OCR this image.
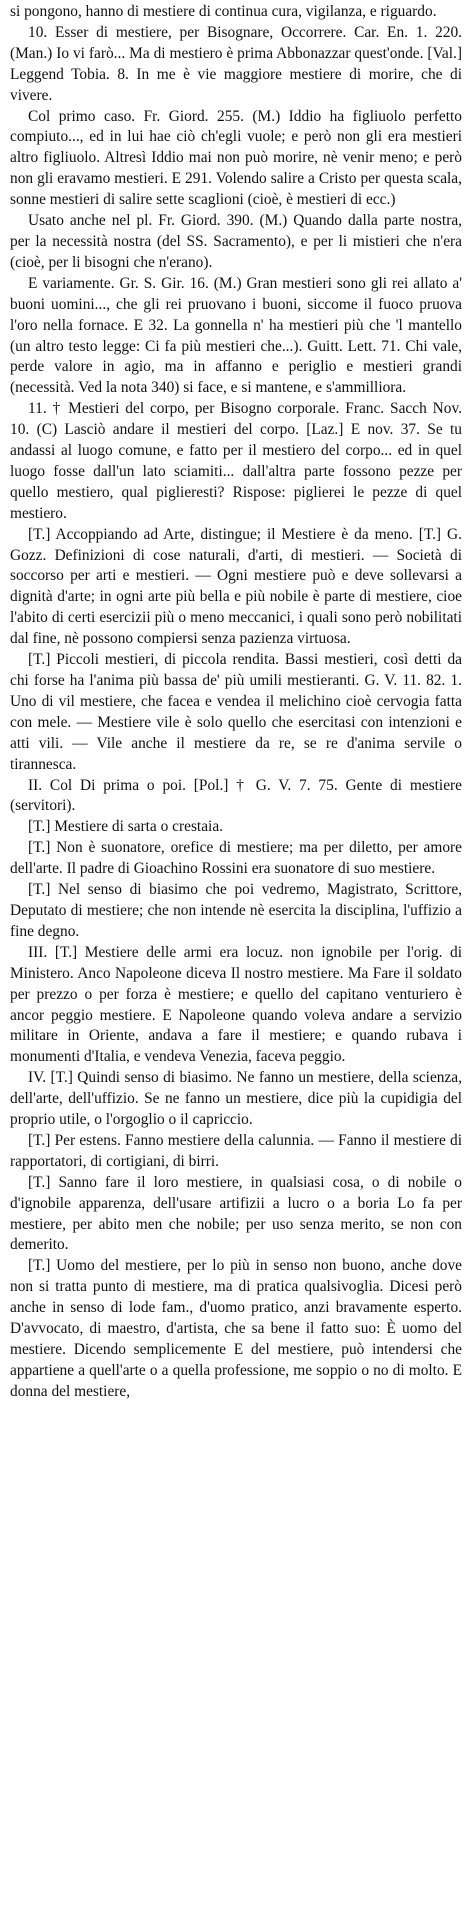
si pongono, hanno di mestiere di continua cura, vigilanza, e riguardo.

10. Esser di mestiere, per Bisognare, Occorrere. Car. En. 1. 220. (Man.) Io vi farò... Ma di mestiero è prima Abbonazzar quest'onde. [Val.] Leggend Tobia. 8. In me è vie maggiore mestiere di morire, che di vivere.

Col primo caso. Fr. Giord. 255. (M.) Iddio ha figliuolo perfetto compiuto..., ed in lui hae ciò ch'egli vuole; e però non gli era mestieri altro figliuolo. Altresì Iddio mai non può morire, nè venir meno; e però non gli eravamo mestieri. E 291. Volendo salire a Cristo per questa scala, sonne mestieri di salire sette scaglioni (cioè, è mestieri di ecc.)

Usato anche nel pl. Fr. Giord. 390. (M.) Quando dalla parte nostra, per la necessità nostra (del SS. Sacramento), e per li mistieri che n'era (cioè, per li bisogni che n'erano).

E variamente. Gr. S. Gir. 16. (M.) Gran mestieri sono gli rei allato a' buoni uomini..., che gli rei pruovano i buoni, siccome il fuoco pruova l'oro nella fornace. E 32. La gonnella n' ha mestieri più che 'l mantello (un altro testo legge: Ci fa più mestieri che...). Guitt. Lett. 71. Chi vale, perde valore in agio, ma in affanno e periglio e mestieri grandi (necessità. Ved la nota 340) si face, e si mantene, e s'ammilliora.

11. † Mestieri del corpo, per Bisogno corporale. Franc. Sacch Nov. 10. (C) Lasciò andare il mestieri del corpo. [Laz.] E nov. 37. Se tu andassi al luogo comune, e fatto per il mestiero del corpo... ed in quel luogo fosse dall'un lato sciamiti... dall'altra parte fossono pezze per quello mestiero, qual piglieresti? Rispose: piglierei le pezze di quel mestiero.

[T.] Accoppiando ad Arte, distingue; il Mestiere è da meno. [T.] G. Gozz. Definizioni di cose naturali, d'arti, di mestieri. — Società di soccorso per arti e mestieri. — Ogni mestiere può e deve sollevarsi a dignità d'arte; in ogni arte più bella e più nobile è parte di mestiere, cioe l'abito di certi esercizii più o meno meccanici, i quali sono però nobilitati dal fine, nè possono compiersi senza pazienza virtuosa.

[T.] Piccoli mestieri, di piccola rendita. Bassi mestieri, così detti da chi forse ha l'anima più bassa de' più umili mestieranti. G. V. 11. 82. 1. Uno di vil mestiere, che facea e vendea il melichino cioè cervogia fatta con mele. — Mestiere vile è solo quello che esercitasi con intenzioni e atti vili. — Vile anche il mestiere da re, se re d'anima servile o tirannesca.

II. Col Di prima o poi. [Pol.] † G. V. 7. 75. Gente di mestiere (servitori).

[T.] Mestiere di sarta o crestaia.

[T.] Non è suonatore, orefice di mestiere; ma per diletto, per amore dell'arte. Il padre di Gioachino Rossini era suonatore di suo mestiere.

[T.] Nel senso di biasimo che poi vedremo, Magistrato, Scrittore, Deputato di mestiere; che non intende nè esercita la disciplina, l'uffizio a fine degno.

III. [T.] Mestiere delle armi era locuz. non ignobile per l'orig. di Ministero. Anco Napoleone diceva Il nostro mestiere. Ma Fare il soldato per prezzo o per forza è mestiere; e quello del capitano venturiero è ancor peggio mestiere. E Napoleone quando voleva andare a servizio militare in Oriente, andava a fare il mestiere; e quando rubava i monumenti d'Italia, e vendeva Venezia, faceva peggio.

IV. [T.] Quindi senso di biasimo. Ne fanno un mestiere, della scienza, dell'arte, dell'uffizio. Se ne fanno un mestiere, dice più la cupidigia del proprio utile, o l'orgoglio o il capriccio.

[T.] Per estens. Fanno mestiere della calunnia. — Fanno il mestiere di rapportatori, di cortigiani, di birri.

[T.] Sanno fare il loro mestiere, in qualsiasi cosa, o di nobile o d'ignobile apparenza, dell'usare artifizii a lucro o a boria Lo fa per mestiere, per abito men che nobile; per uso senza merito, se non con demerito.

[T.] Uomo del mestiere, per lo più in senso non buono, anche dove non si tratta punto di mestiere, ma di pratica qualsivoglia. Dicesi però anche in senso di lode fam., d'uomo pratico, anzi bravamente esperto. D'avvocato, di maestro, d'artista, che sa bene il fatto suo: È uomo del mestiere. Dicendo semplicemente E del mestiere, può intendersi che appartiene a quell'arte o a quella professione, me soppio o no di molto. E donna del mestiere,
